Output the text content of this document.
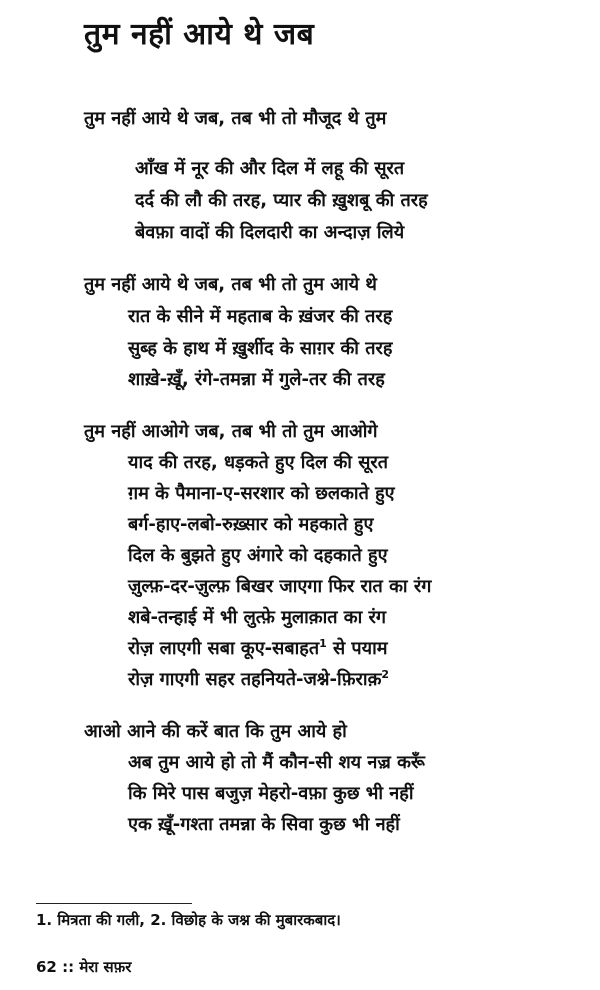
तुम नहीं आये थे जब
तुम नहीं आये थे जब, तब भी तो मौजूद थे तुम
आँख में नूर की और दिल में लहू की सूरत
दर्द की लौ की तरह, प्यार की ख़ुशबू की तरह
बेवफ़ा वादों की दिलदारी का अन्दाज़ लिये
तुम नहीं आये थे जब, तब भी तो तुम आये थे
रात के सीने में महताब के ख़ंजर की तरह
सुब्ह के हाथ में ख़ुर्शीद के साग़र की तरह
शाख़े-ख़ूँ, रंगे-तमन्ना में गुले-तर की तरह
तुम नहीं आओगे जब, तब भी तो तुम आओगे
याद की तरह, धड़कते हुए दिल की सूरत
ग़म के पैमाना-ए-सरशार को छलकाते हुए
बर्ग-हाए-लबो-रुख़्सार को महकाते हुए
दिल के बुझते हुए अंगारे को दहकाते हुए
ज़ुल्फ़-दर-ज़ुल्फ़ बिखर जाएगा फिर रात का रंग
शबे-तन्हाई में भी लुत्फ़े मुलाक़ात का रंग
रोज़ लाएगी सबा कूए-सबाहत$^1$ से पयाम
रोज़ गाएगी सहर तहनियते-जश्ने-फ़िराक़$^2$
आओ आने की करें बात कि तुम आये हो
अब तुम आये हो तो मैं कौन-सी शय नज़्र करूँ
कि मिरे पास बजुज़ मेहरो-वफ़ा कुछ भी नहीं
एक ख़ूँ-गश्ता तमन्ना के सिवा कुछ भी नहीं
1. मित्रता की गली, 2. विछोह के जश्न की मुबारकबाद।
62 :: मेरा सफ़र
